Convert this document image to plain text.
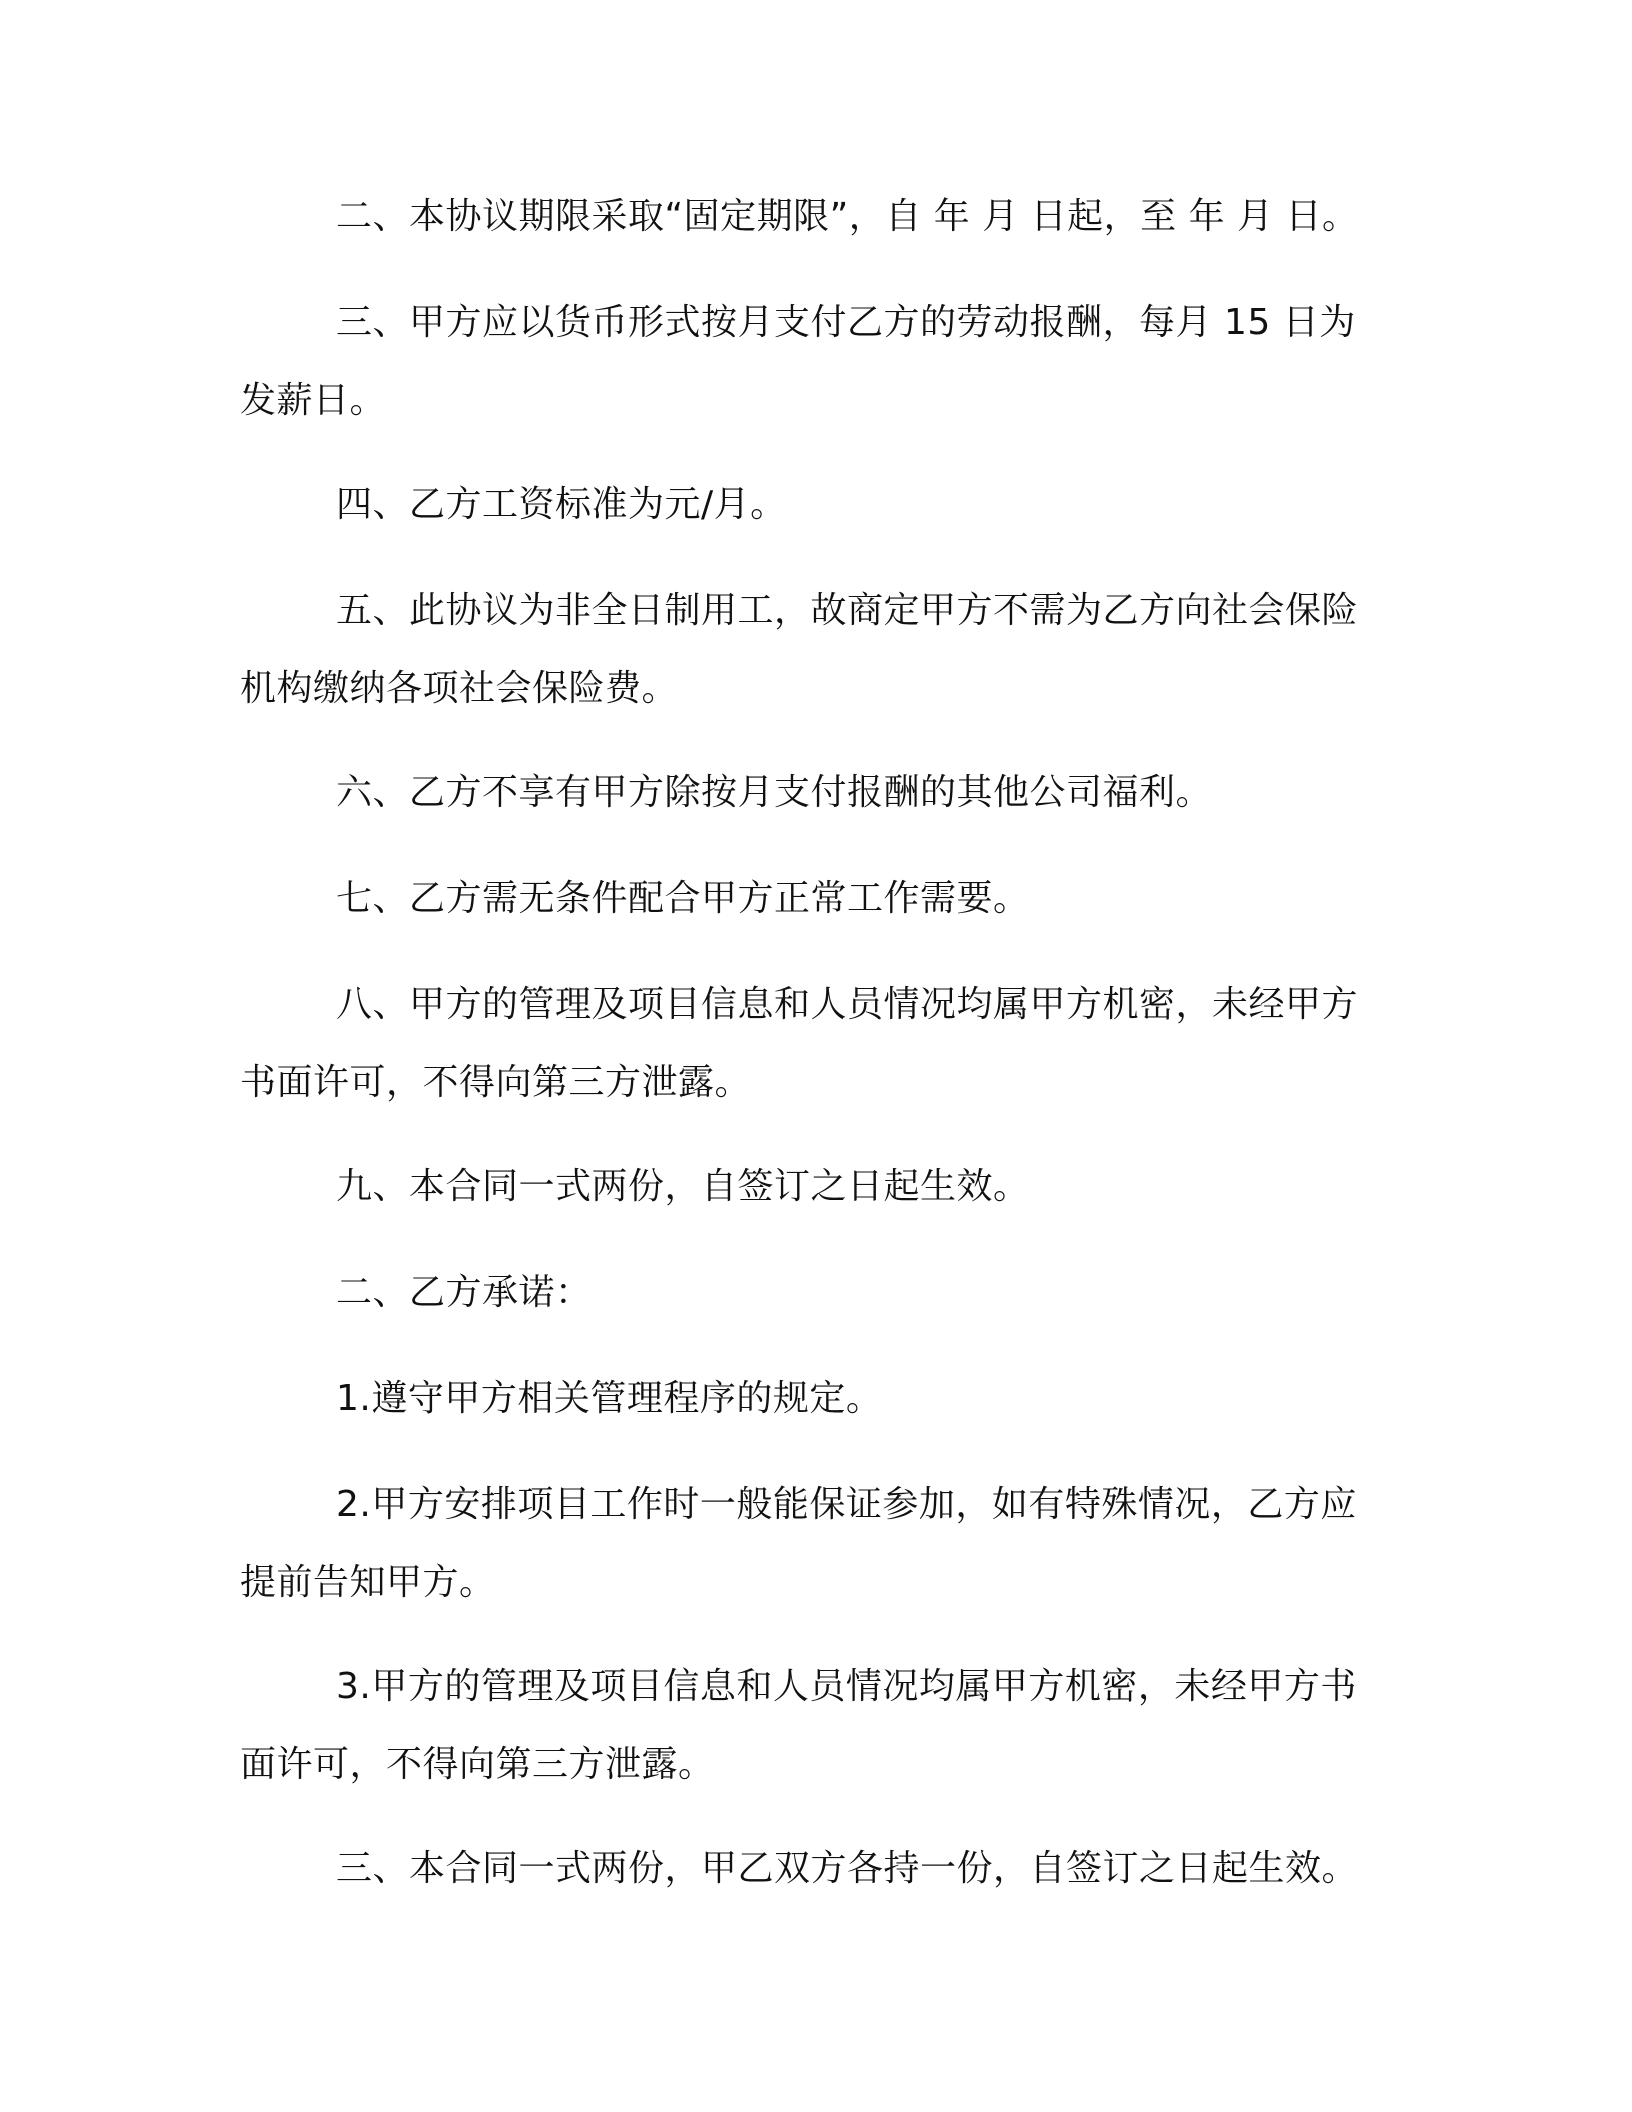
二、本协议期限采取“固定期限”，自 年 月 日起，至 年 月 日。

三、甲方应以货币形式按月支付乙方的劳动报酬，每月 15 日为发薪日。

四、乙方工资标准为元/月。

五、此协议为非全日制用工，故商定甲方不需为乙方向社会保险机构缴纳各项社会保险费。

六、乙方不享有甲方除按月支付报酬的其他公司福利。

七、乙方需无条件配合甲方正常工作需要。

八、甲方的管理及项目信息和人员情况均属甲方机密，未经甲方书面许可，不得向第三方泄露。

九、本合同一式两份，自签订之日起生效。

二、乙方承诺：

1.遵守甲方相关管理程序的规定。

2.甲方安排项目工作时一般能保证参加，如有特殊情况，乙方应提前告知甲方。

3.甲方的管理及项目信息和人员情况均属甲方机密，未经甲方书面许可，不得向第三方泄露。

三、本合同一式两份，甲乙双方各持一份，自签订之日起生效。
